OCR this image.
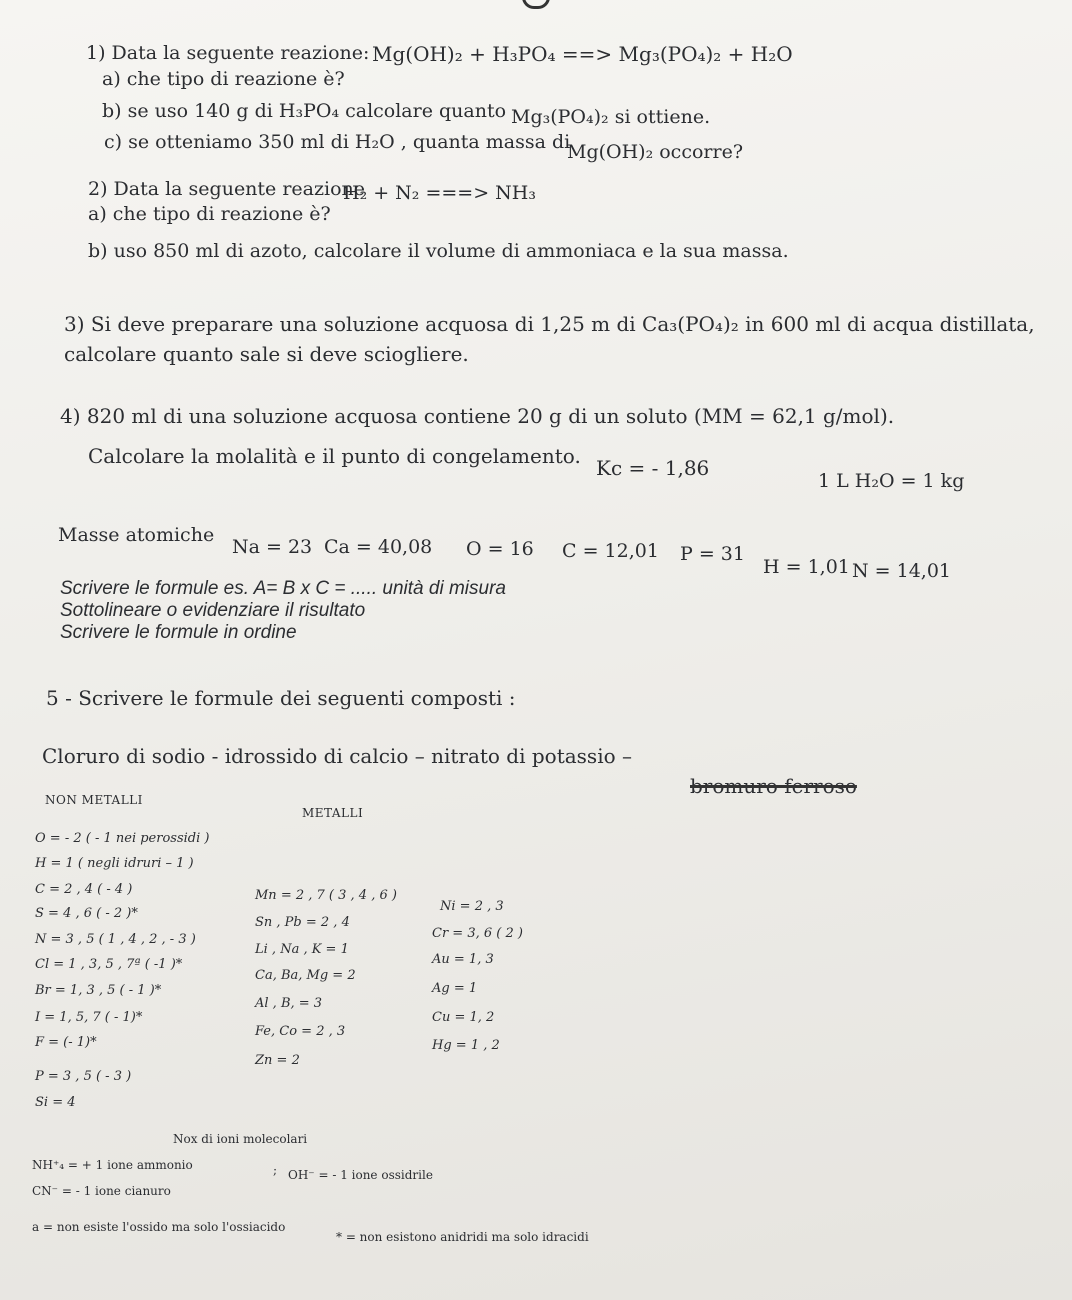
1) Data la seguente reazione: Mg(OH)₂ + H₃PO₄ ==> Mg₃(PO₄)₂ + H₂O

a) che tipo di reazione è?

b) se uso 140 g di H₃PO₄ calcolare quanto Mg₃(PO₄)₂ si ottiene.

c) se otteniamo 350 ml di H₂O , quanta massa di

Mg(OH)₂ occorre?

2) Data la seguente reazione

H₂ + N₂ ===> NH₃

a) che tipo di reazione è?

b) uso 850 ml di azoto, calcolare il volume di ammoniaca e la sua massa.

3) Si deve preparare una soluzione acquosa di 1,25 m di Ca₃(PO₄)₂ in 600 ml di acqua distillata,

calcolare quanto sale si deve sciogliere.

4) 820 ml di una soluzione acquosa contiene 20 g di un soluto (MM = 62,1 g/mol).

Calcolare la molalità e il punto di congelamento. Kc = - 1,86

1 L H₂O = 1 kg

Masse atomiche

Na = 23 Ca = 40,08 O = 16 C = 12,01 P = 31

H = 1,01 N = 14,01

Scrivere le formule es. A= B x C = ..... unità di misura

Sottolineare o evidenziare il risultato

Scrivere le formule in ordine

5 - Scrivere le formule dei seguenti composti :

Cloruro di sodio - idrossido di calcio – nitrato di potassio –

bromuro ferroso

NON METALLI

METALLI

O = - 2 ( - 1 nei perossidi )

H = 1 ( negli idruri – 1 )

C = 2 , 4 ( - 4 )

S = 4 , 6 ( - 2 )*

N = 3 , 5 ( 1 , 4 , 2 , - 3 )

Cl = 1 , 3, 5 , 7ª ( -1 )*

Br = 1, 3 , 5 ( - 1 )*

I = 1, 5, 7 ( - 1)*

F = (- 1)*

P = 3 , 5 ( - 3 )

Si = 4

Mn = 2 , 7 ( 3 , 4 , 6 )

Sn , Pb = 2 , 4

Li , Na , K = 1

Ca, Ba, Mg = 2

Al , B, = 3

Fe, Co = 2 , 3

Zn = 2

Ni = 2 , 3

Cr = 3, 6 ( 2 )

Au = 1, 3

Ag = 1

Cu = 1, 2

Hg = 1 , 2

Nox di ioni molecolari

NH⁺₄ = + 1 ione ammonio	; OH⁻ = - 1 ione ossidrile

CN⁻ = - 1 ione cianuro

a = non esiste l'ossido ma solo l'ossiacido

* = non esistono anidridi ma solo idracidi
